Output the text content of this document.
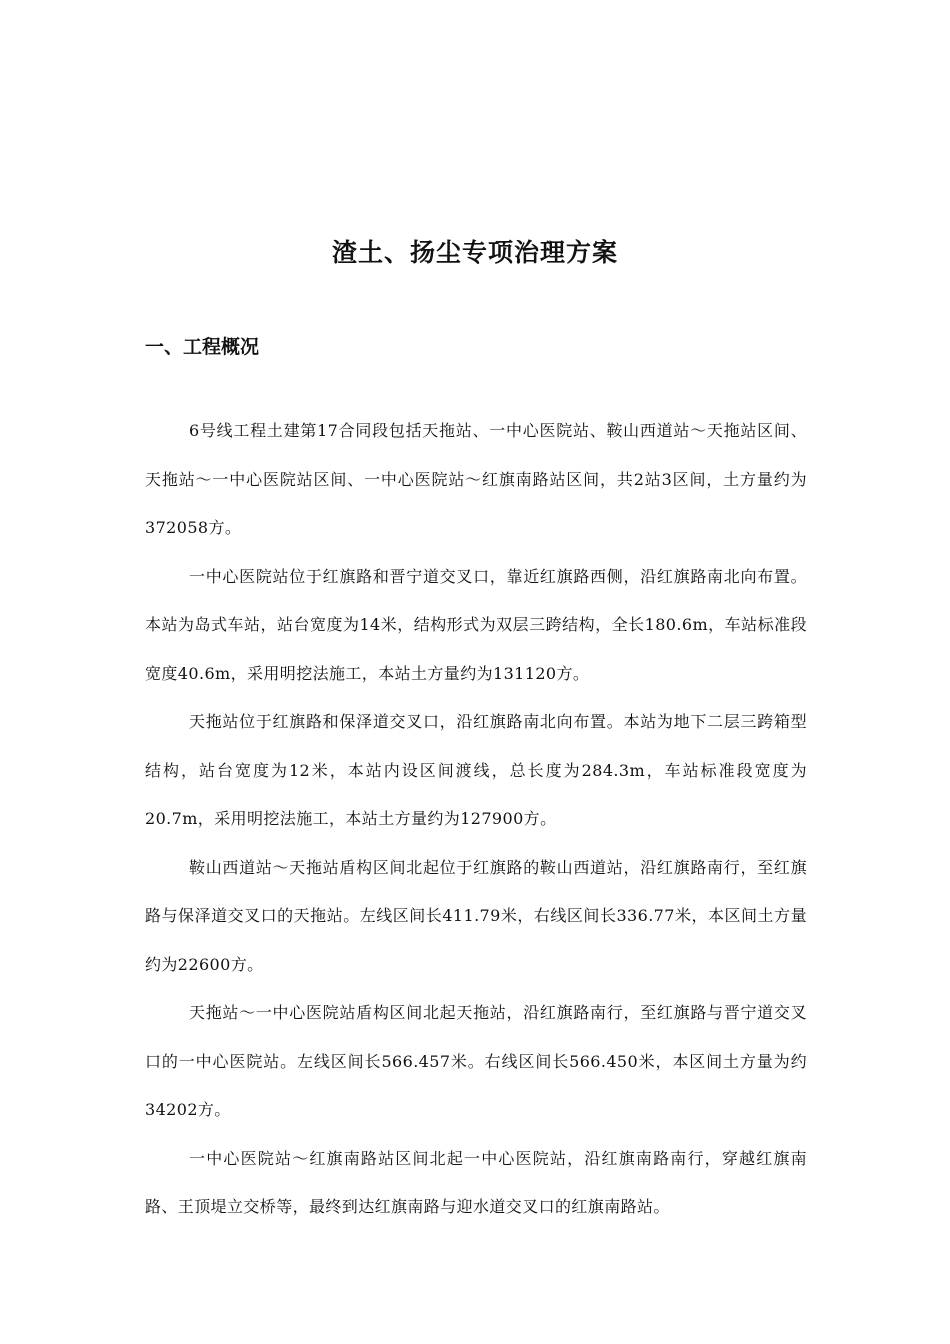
渣土、扬尘专项治理方案
一、工程概况

6号线工程土建第17合同段包括天拖站、一中心医院站、鞍山西道站～天拖站区间、天拖站～一中心医院站区间、一中心医院站～红旗南路站区间，共2站3区间，土方量约为372058方。

一中心医院站位于红旗路和晋宁道交叉口，靠近红旗路西侧，沿红旗路南北向布置。本站为岛式车站，站台宽度为14米，结构形式为双层三跨结构，全长180.6m，车站标准段宽度40.6m，采用明挖法施工，本站土方量约为131120方。

天拖站位于红旗路和保泽道交叉口，沿红旗路南北向布置。本站为地下二层三跨箱型结构，站台宽度为12米，本站内设区间渡线，总长度为284.3m，车站标准段宽度为20.7m，采用明挖法施工，本站土方量约为127900方。

鞍山西道站～天拖站盾构区间北起位于红旗路的鞍山西道站，沿红旗路南行，至红旗路与保泽道交叉口的天拖站。左线区间长411.79米，右线区间长336.77米，本区间土方量约为22600方。

天拖站～一中心医院站盾构区间北起天拖站，沿红旗路南行，至红旗路与晋宁道交叉口的一中心医院站。左线区间长566.457米。右线区间长566.450米，本区间土方量为约34202方。

一中心医院站～红旗南路站区间北起一中心医院站，沿红旗南路南行，穿越红旗南路、王顶堤立交桥等，最终到达红旗南路与迎水道交叉口的红旗南路站。
